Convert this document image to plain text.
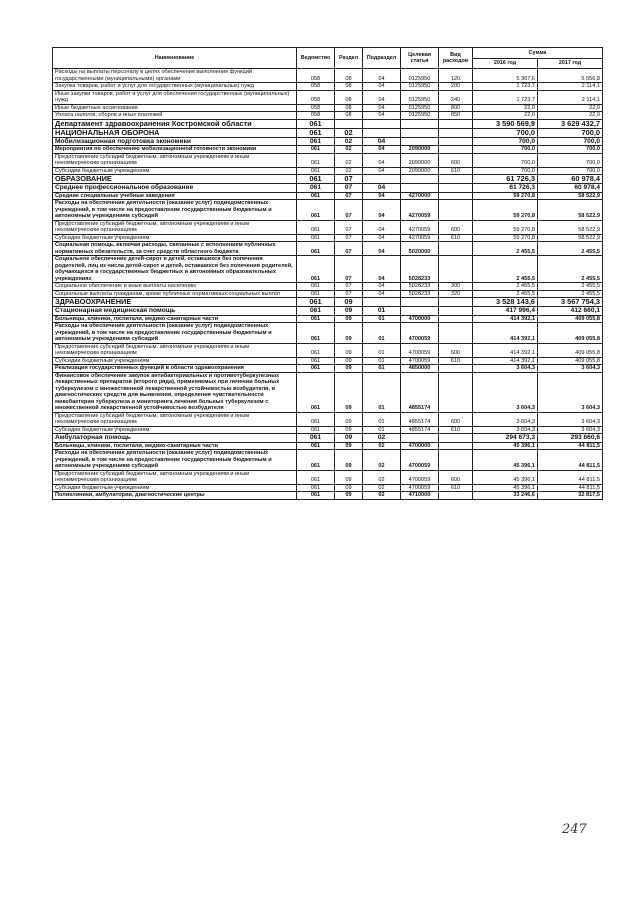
Наименование	Ведомство	Раздел	Подраздел	Целевая статья	Вид расходов	Сумма	
						2016 год	2017 год
Расходы на выплаты персоналу в целях обеспечения выполнения функций государственными (муниципальными) органами	058	08	04	0125950	120	5 367,6	5 556,8
Закупка товаров, работ и услуг для государственных (муниципальных) нужд	058	08	04	0125950	200	1 723,7	2 114,1
Иные закупки товаров, работ и услуг для обеспечения государственных (муниципальных) нужд	058	08	04	0125950	240	1 723,7	2 114,1
Иные бюджетные ассигнования	058	08	04	0125950	800	22,0	22,0
Уплата налогов, сборов и иных платежей	058	08	04	0125950	850	22,0	22,0
Департамент здравоохранения Костромской области	061					3 590 569,9	3 629 432,7
НАЦИОНАЛЬНАЯ ОБОРОНА	061	02				700,0	700,0
Мобилизационная подготовка экономики	061	02	04			700,0	700,0
Мероприятия по обеспечению мобилизационной готовности экономики	061	02	04	2090000		700,0	700,0
Предоставление субсидий бюджетным, автономным учреждениям и иным некоммерческим организациям	061	02	04	2090000	600	700,0	700,0
Субсидии бюджетным учреждениям	061	02	04	2090000	610	700,0	700,0
ОБРАЗОВАНИЕ	061	07				61 726,3	60 978,4
Среднее профессиональное образование	061	07	04			61 726,3	60 978,4
Средние специальные учебные заведения	061	07	04	4270000		59 270,8	58 522,9
Расходы на обеспечение деятельности (оказание услуг) подведомственных учреждений, в том числе на предоставление государственным бюджетным и автономным учреждениям субсидий	061	07	04	4270059		59 270,8	58 522,9
Предоставление субсидий бюджетным, автономным учреждениям и иным некоммерческим организациям	061	07	04	4270059	600	59 270,8	58 522,9
Субсидии бюджетным учреждениям	061	07	04	4270059	610	59 270,8	58 522,9
Социальная помощь, включая расходы, связанные с исполнением публичных нормативных обязательств, за счет средств областного бюджета	061	07	04	5020000		2 455,5	2 455,5
Социальное обеспечение детей-сирот и детей, оставшихся без попечения родителей, лиц из числа детей-сирот и детей, оставшихся без попечения родителей, обучающихся в государственных бюджетных и автономных образовательных учреждениях	061	07	04	5028233		2 455,5	2 455,5
Социальное обеспечение и иные выплаты населению	061	07	04	5028233	300	2 455,5	2 455,5
Социальные выплаты гражданам, кроме публичных нормативных социальных выплат	061	07	04	5028233	320	2 455,5	2 455,5
ЗДРАВООХРАНЕНИЕ	061	09				3 528 143,6	3 567 754,3
Стационарная медицинская помощь	061	09	01			417 996,4	412 660,1
Больницы, клиники, госпитали, медико-санитарные части	061	09	01	4700000		414 392,1	409 055,8
Расходы на обеспечение деятельности (оказание услуг) подведомственных учреждений, в том числе на предоставление государственным бюджетным и автономным учреждениям субсидий	061	09	01	4700059		414 392,1	409 055,8
Предоставление субсидий бюджетным, автономным учреждениям и иным некоммерческим организациям	061	09	01	4700059	600	414 392,1	409 055,8
Субсидии бюджетным учреждениям	061	09	01	4700059	610	414 392,1	409 055,8
Реализация государственных функций в области здравоохранения	061	09	01	4850000		3 604,3	3 604,3
Финансовое обеспечение закупок антибактериальных и противотуберкулезных лекарственных препаратов (второго ряда), применяемых при лечении больных туберкулезом с множественной лекарственной устойчивостью возбудителя, и диагностических средств для выявления, определения чувствительности микобактерии туберкулеза и мониторинга лечения больных туберкулезом с множественной лекарственной устойчивостью возбудителя	061	09	01	4855174		3 604,3	3 604,3
Предоставление субсидий бюджетным, автономным учреждениям и иным некоммерческим организациям	061	09	01	4855174	600	3 604,3	3 604,3
Субсидии бюджетным учреждениям	061	09	01	4855174	610	3 604,3	3 604,3
Амбулаторная помощь	061	09	02			294 673,3	293 660,6
Больницы, клиники, госпитали, медико-санитарные части	061	09	02	4700000		45 396,1	44 811,5
Расходы на обеспечение деятельности (оказание услуг) подведомственных учреждений, в том числе на предоставление государственным бюджетным и автономным учреждениям субсидий	061	09	02	4700059		45 396,1	44 811,5
Предоставление субсидий бюджетным, автономным учреждениям и иным некоммерческим организациям	061	09	02	4700059	600	45 396,1	44 811,5
Субсидии бюджетным учреждениям	061	09	02	4700059	610	45 396,1	44 811,5
Поликлиники, амбулатории, диагностические центры	061	09	02	4710000		33 246,6	32 817,5
247
